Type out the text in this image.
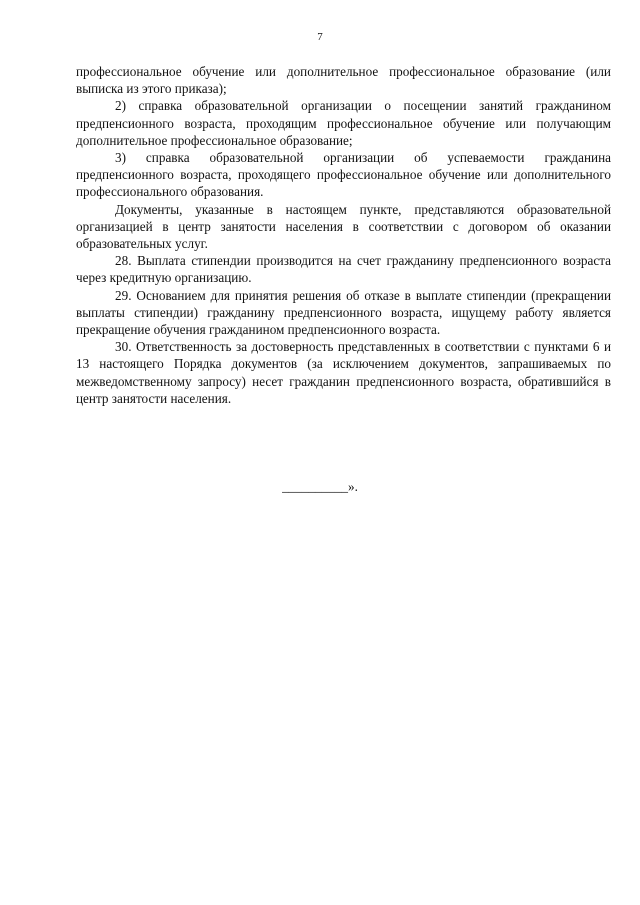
7

профессиональное обучение или дополнительное профессиональное образование (или выписка из этого приказа);

2) справка образовательной организации о посещении занятий гражданином предпенсионного возраста, проходящим профессиональное обучение или получающим дополнительное профессиональное образование;

3) справка образовательной организации об успеваемости гражданина предпенсионного возраста, проходящего профессиональное обучение или дополнительного профессионального образования.

Документы, указанные в настоящем пункте, представляются образовательной организацией в центр занятости населения в соответствии с договором об оказании образовательных услуг.

28. Выплата стипендии производится на счет гражданину предпенсионного возраста через кредитную организацию.

29. Основанием для принятия решения об отказе в выплате стипендии (прекращении выплаты стипендии) гражданину предпенсионного возраста, ищущему работу является прекращение обучения гражданином предпенсионного возраста.

30. Ответственность за достоверность представленных в соответствии с пунктами 6 и 13 настоящего Порядка документов (за исключением документов, запрашиваемых по межведомственному запросу) несет гражданин предпенсионного возраста, обратившийся в центр занятости населения.

__________».
